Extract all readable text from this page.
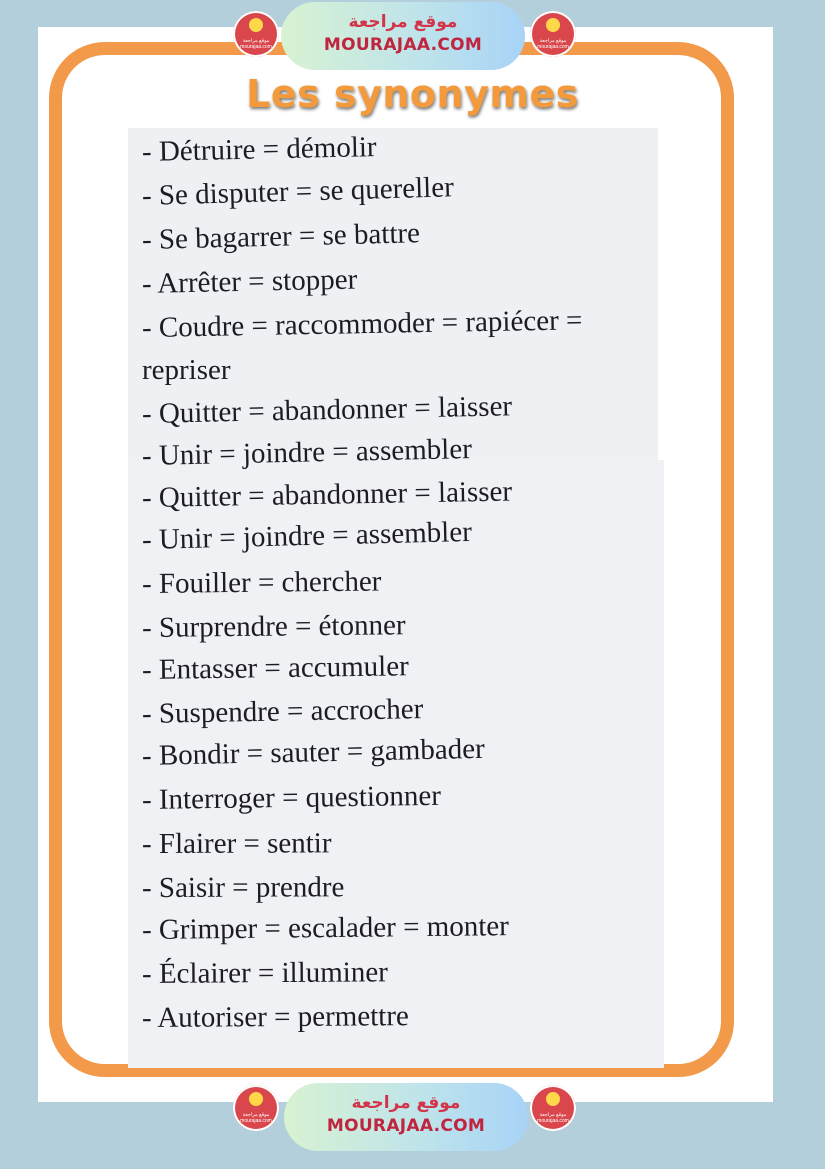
موقع مراجعة mourajaa.com
موقع مراجعة
MOURAJAA.COM	موقع مراجعة mourajaa.com
Les synonymes
- Détruire = démolir
- Se disputer = se quereller
- Se bagarrer = se battre
- Arrêter = stopper
- Coudre = raccommoder = rapiécer =
repriser
- Quitter = abandonner = laisser
- Unir = joindre = assembler
- Quitter = abandonner = laisser
- Unir = joindre = assembler
- Fouiller = chercher
- Surprendre = étonner
- Entasser = accumuler
- Suspendre = accrocher
- Bondir = sauter = gambader
- Interroger = questionner
- Flairer = sentir
- Saisir = prendre
- Grimper = escalader = monter
- Éclairer = illuminer
- Autoriser = permettre
موقع مراجعة mourajaa.com
موقع مراجعة
MOURAJAA.COM
موقع مراجعة mourajaa.com
